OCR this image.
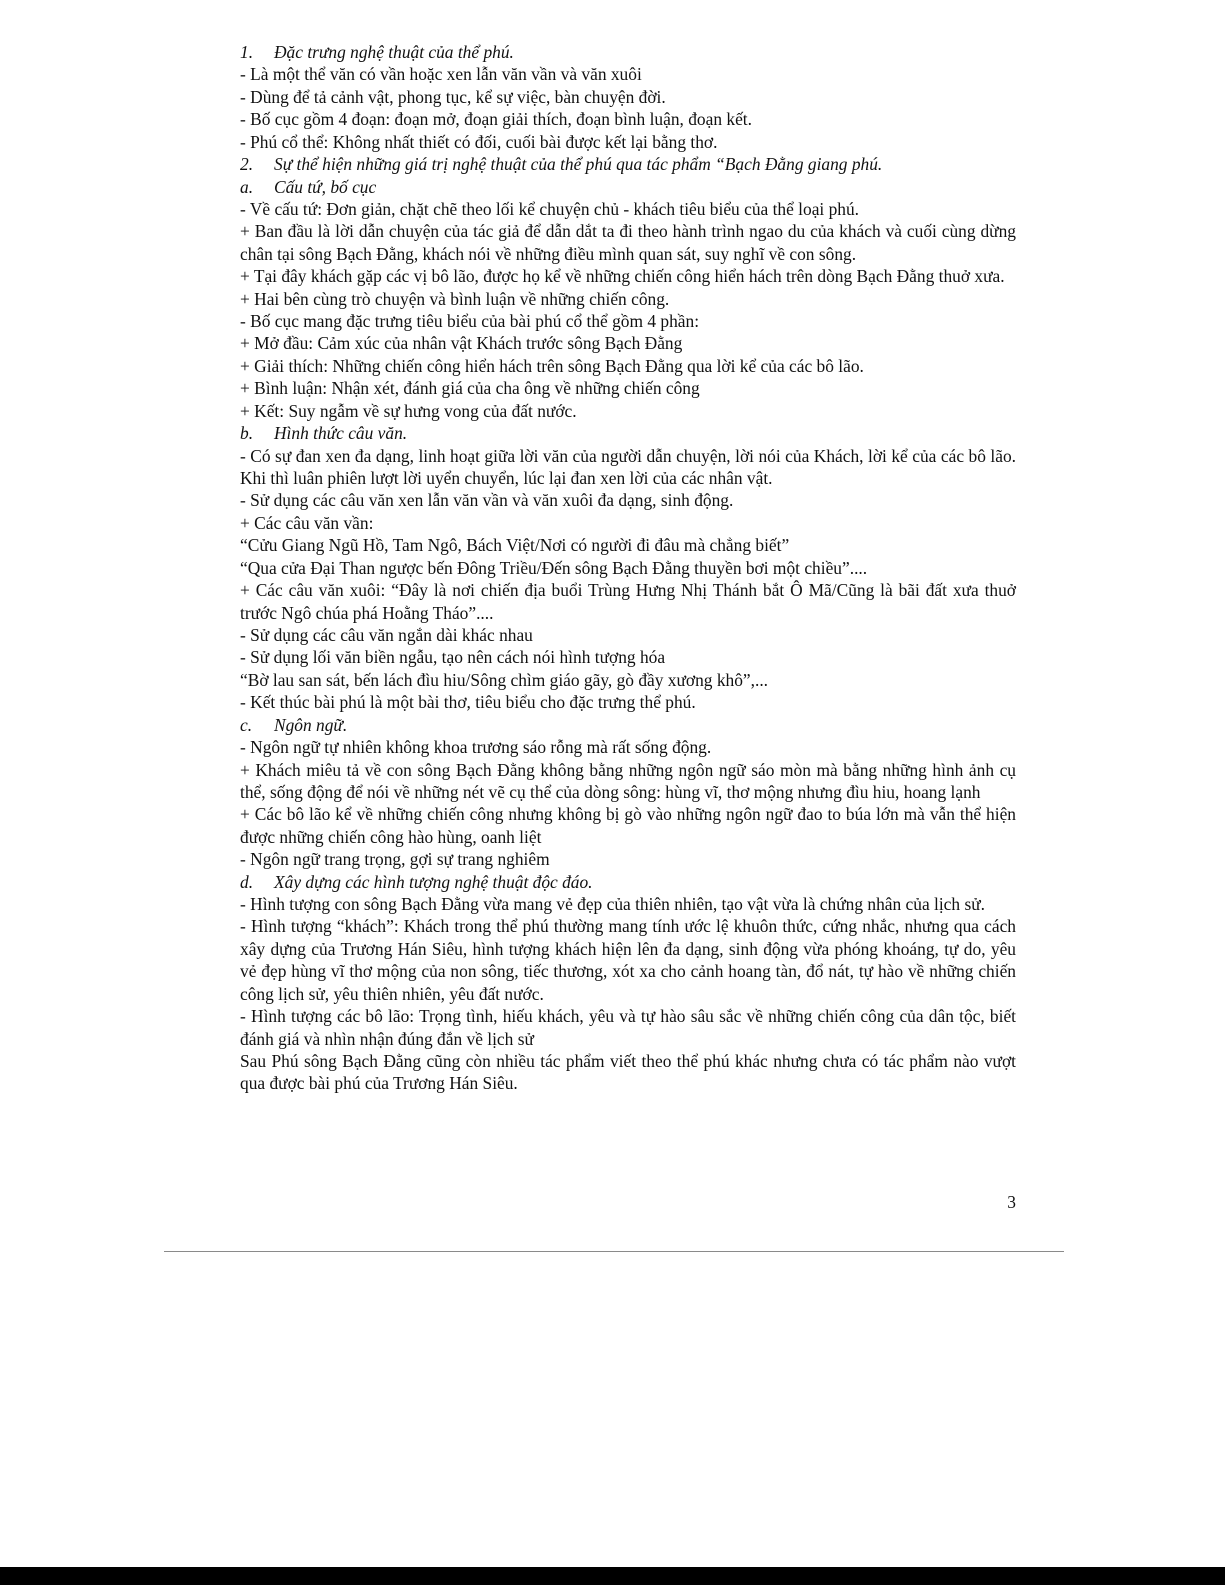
1. Đặc trưng nghệ thuật của thể phú.

- Là một thể văn có vần hoặc xen lẫn văn vần và văn xuôi

- Dùng để tả cảnh vật, phong tục, kể sự việc, bàn chuyện đời.

- Bố cục gồm 4 đoạn: đoạn mở, đoạn giải thích, đoạn bình luận, đoạn kết.

- Phú cổ thể: Không nhất thiết có đối, cuối bài được kết lại bằng thơ.

2. Sự thể hiện những giá trị nghệ thuật của thể phú qua tác phẩm “Bạch Đằng giang phú.

a. Cấu tứ, bố cục

- Về cấu tứ: Đơn giản, chặt chẽ theo lối kể chuyện chủ - khách tiêu biểu của thể loại phú.

+ Ban đầu là lời dẫn chuyện của tác giả để dẫn dắt ta đi theo hành trình ngao du của khách và cuối cùng dừng chân tại sông Bạch Đằng, khách nói về những điều mình quan sát, suy nghĩ về con sông.

+ Tại đây khách gặp các vị bô lão, được họ kể về những chiến công hiển hách trên dòng Bạch Đằng thuở xưa.

+ Hai bên cùng trò chuyện và bình luận về những chiến công.

- Bố cục mang đặc trưng tiêu biểu của bài phú cổ thể gồm 4 phần:

+ Mở đầu: Cảm xúc của nhân vật Khách trước sông Bạch Đằng

+ Giải thích: Những chiến công hiển hách trên sông Bạch Đằng qua lời kể của các bô lão.

+ Bình luận: Nhận xét, đánh giá của cha ông về những chiến công

+ Kết: Suy ngẫm về sự hưng vong của đất nước.

b. Hình thức câu văn.

- Có sự đan xen đa dạng, linh hoạt giữa lời văn của người dẫn chuyện, lời nói của Khách, lời kể của các bô lão. Khi thì luân phiên lượt lời uyển chuyển, lúc lại đan xen lời của các nhân vật.

- Sử dụng các câu văn xen lẫn văn vần và văn xuôi đa dạng, sinh động.

+ Các câu văn vần:

“Cửu Giang Ngũ Hồ, Tam Ngô, Bách Việt/Nơi có người đi đâu mà chẳng biết”

“Qua cửa Đại Than ngược bến Đông Triều/Đến sông Bạch Đằng thuyền bơi một chiều”....

+ Các câu văn xuôi: “Đây là nơi chiến địa buổi Trùng Hưng Nhị Thánh bắt Ô Mã/Cũng là bãi đất xưa thuở trước Ngô chúa phá Hoằng Tháo”....

- Sử dụng các câu văn ngắn dài khác nhau

- Sử dụng lối văn biền ngẫu, tạo nên cách nói hình tượng hóa

“Bờ lau san sát, bến lách đìu hiu/Sông chìm giáo gãy, gò đầy xương khô”,...

- Kết thúc bài phú là một bài thơ, tiêu biểu cho đặc trưng thể phú.

c. Ngôn ngữ.

- Ngôn ngữ tự nhiên không khoa trương sáo rỗng mà rất sống động.

+ Khách miêu tả về con sông Bạch Đằng không bằng những ngôn ngữ sáo mòn mà bằng những hình ảnh cụ thể, sống động để nói về những nét vẽ cụ thể của dòng sông: hùng vĩ, thơ mộng nhưng đìu hiu, hoang lạnh

+ Các bô lão kể về những chiến công nhưng không bị gò vào những ngôn ngữ đao to búa lớn mà vẫn thể hiện được những chiến công hào hùng, oanh liệt

- Ngôn ngữ trang trọng, gợi sự trang nghiêm

d. Xây dựng các hình tượng nghệ thuật độc đáo.

- Hình tượng con sông Bạch Đằng vừa mang vẻ đẹp của thiên nhiên, tạo vật vừa là chứng nhân của lịch sử.

- Hình tượng “khách”: Khách trong thể phú thường mang tính ước lệ khuôn thức, cứng nhắc, nhưng qua cách xây dựng của Trương Hán Siêu, hình tượng khách hiện lên đa dạng, sinh động vừa phóng khoáng, tự do, yêu vẻ đẹp hùng vĩ thơ mộng của non sông, tiếc thương, xót xa cho cảnh hoang tàn, đổ nát, tự hào về những chiến công lịch sử, yêu thiên nhiên, yêu đất nước.

- Hình tượng các bô lão: Trọng tình, hiếu khách, yêu và tự hào sâu sắc về những chiến công của dân tộc, biết đánh giá và nhìn nhận đúng đắn về lịch sử

Sau Phú sông Bạch Đằng cũng còn nhiều tác phẩm viết theo thể phú khác nhưng chưa có tác phẩm nào vượt qua được bài phú của Trương Hán Siêu.

3
